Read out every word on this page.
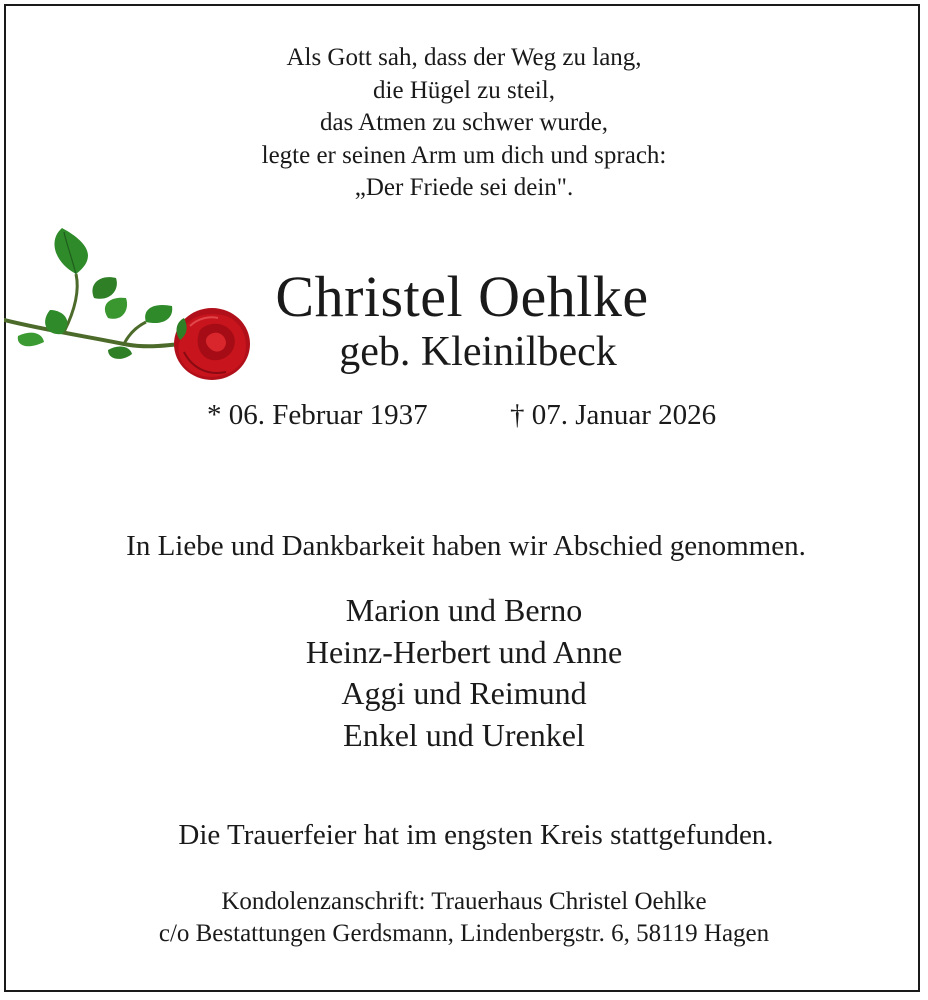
Als Gott sah, dass der Weg zu lang,
die Hügel zu steil,
das Atmen zu schwer wurde,
legte er seinen Arm um dich und sprach:
„Der Friede sei dein".
Christel Oehlke
geb. Kleinilbeck
* 06. Februar 1937	† 07. Januar 2026
In Liebe und Dankbarkeit haben wir Abschied genommen.
Marion und Berno
Heinz-Herbert und Anne
Aggi und Reimund
Enkel und Urenkel
Die Trauerfeier hat im engsten Kreis stattgefunden.
Kondolenzanschrift: Trauerhaus Christel Oehlke
c/o Bestattungen Gerdsmann, Lindenbergstr. 6, 58119 Hagen
